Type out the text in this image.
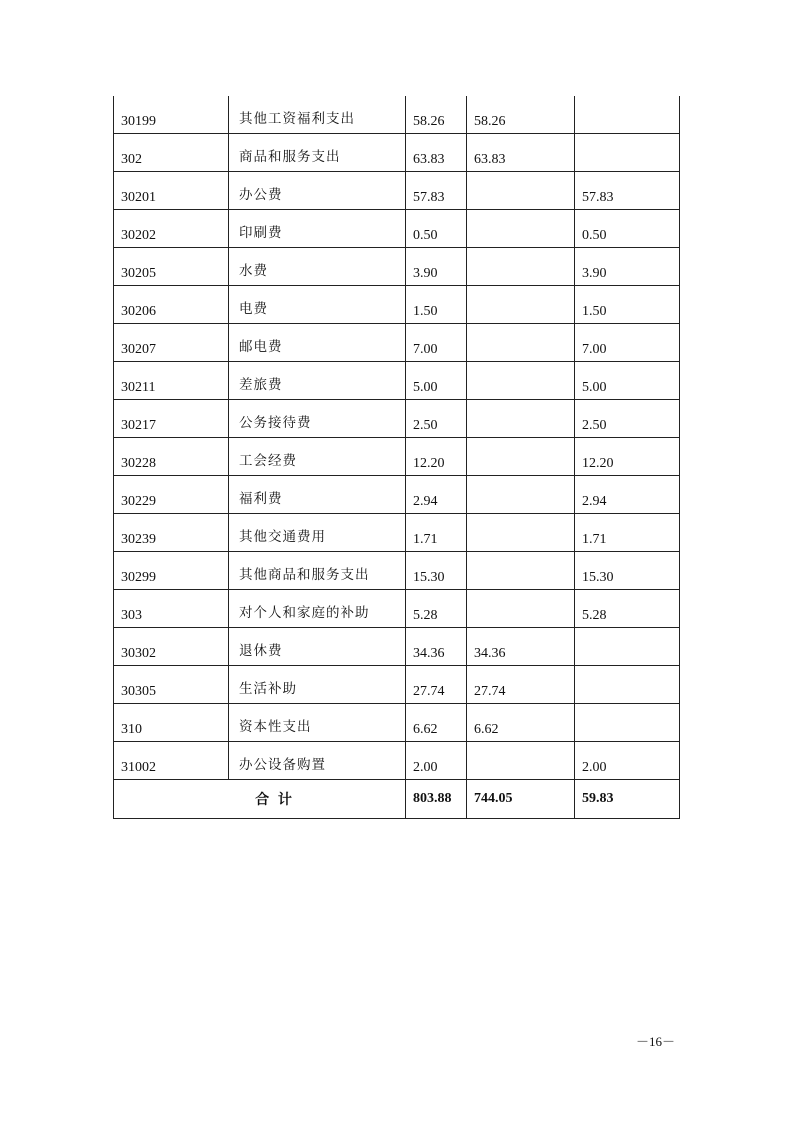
30199	其他工资福利支出	58.26	58.26	
302	商品和服务支出	63.83	63.83	
30201	办公费	57.83		57.83
30202	印刷费	0.50		0.50
30205	水费	3.90		3.90
30206	电费	1.50		1.50
30207	邮电费	7.00		7.00
30211	差旅费	5.00		5.00
30217	公务接待费	2.50		2.50
30228	工会经费	12.20		12.20
30229	福利费	2.94		2.94
30239	其他交通费用	1.71		1.71
30299	其他商品和服务支出	15.30		15.30
303	对个人和家庭的补助	5.28		5.28
30302	退休费	34.36	34.36	
30305	生活补助	27.74	27.74	
310	资本性支出	6.62	6.62	
31002	办公设备购置	2.00		2.00
合 计		803.88	744.05	59.83
－16－
